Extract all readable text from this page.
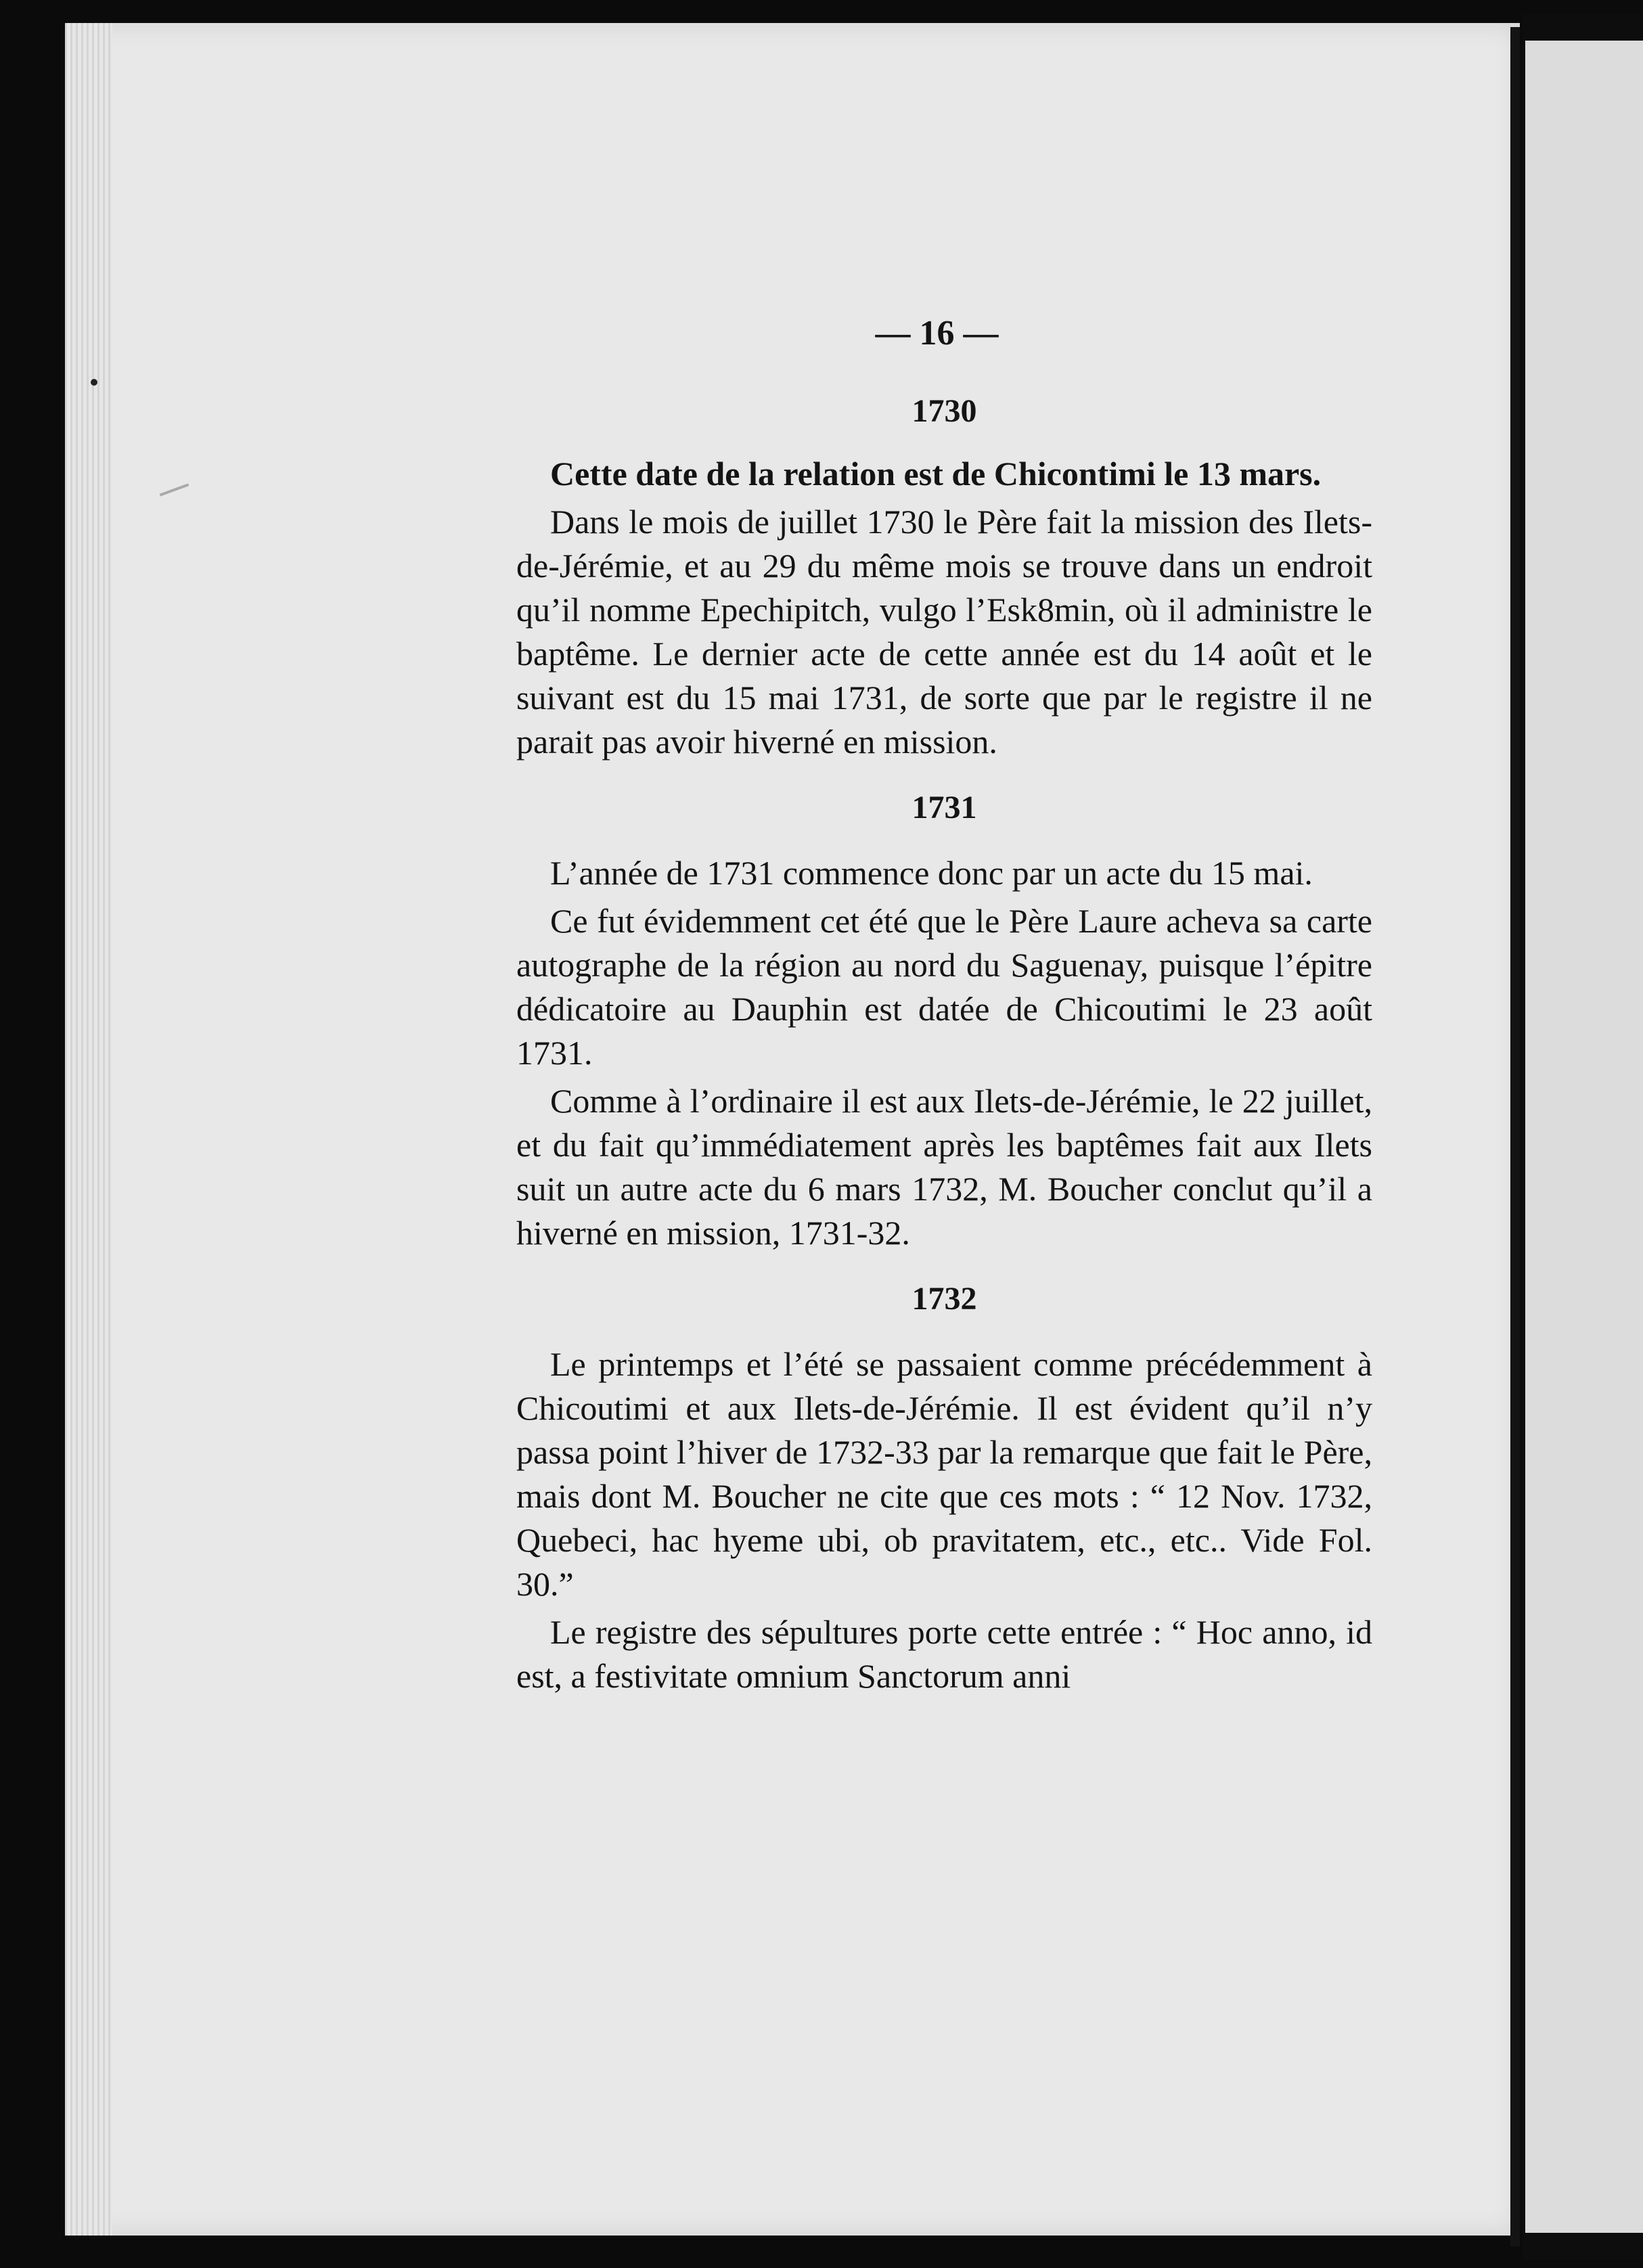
— 16 —
1730

Cette date de la relation est de Chicontimi le 13 mars.

Dans le mois de juillet 1730 le Père fait la mission des Ilets-de-Jérémie, et au 29 du même mois se trouve dans un endroit qu’il nomme Epechipitch, vulgo l’Esk8min, où il administre le baptême. Le dernier acte de cette année est du 14 août et le suivant est du 15 mai 1731, de sorte que par le registre il ne parait pas avoir hiverné en mission.

1731

L’année de 1731 commence donc par un acte du 15 mai.

Ce fut évidemment cet été que le Père Laure acheva sa carte autographe de la région au nord du Saguenay, puisque l’épitre dédicatoire au Dauphin est datée de Chicoutimi le 23 août 1731.

Comme à l’ordinaire il est aux Ilets-de-Jérémie, le 22 juillet, et du fait qu’immédiatement après les baptêmes fait aux Ilets suit un autre acte du 6 mars 1732, M. Boucher conclut qu’il a hiverné en mission, 1731-32.

1732

Le printemps et l’été se passaient comme précédemment à Chicoutimi et aux Ilets-de-Jérémie. Il est évident qu’il n’y passa point l’hiver de 1732-33 par la remarque que fait le Père, mais dont M. Boucher ne cite que ces mots : “ 12 Nov. 1732, Quebeci, hac hyeme ubi, ob pravitatem, etc., etc.. Vide Fol. 30.”

Le registre des sépultures porte cette entrée : “ Hoc anno, id est, a festivitate omnium Sanctorum anni
